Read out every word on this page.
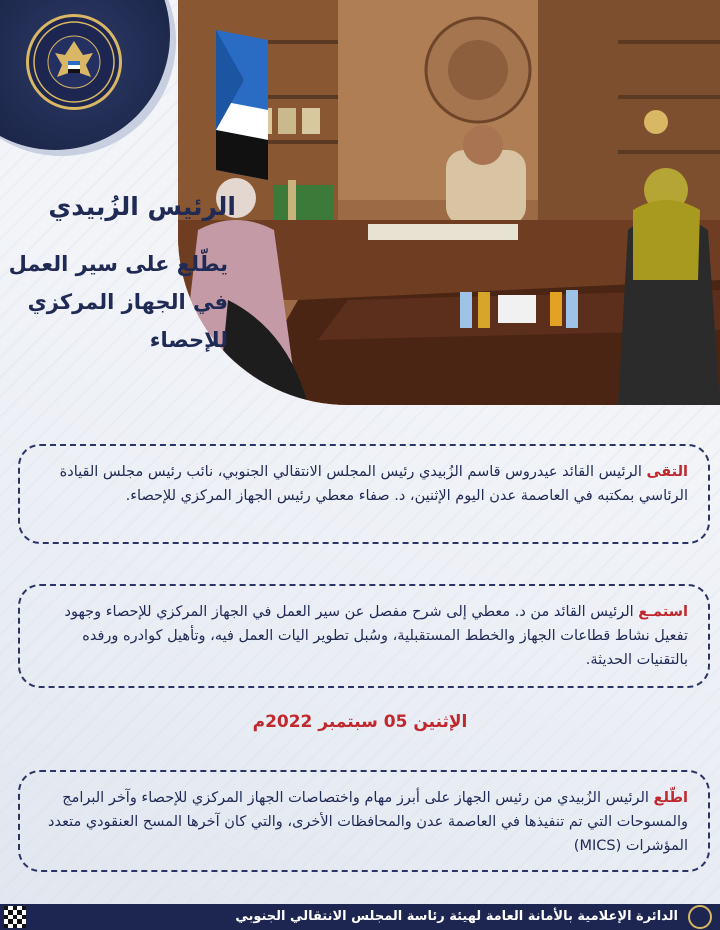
الرئيس الزُبيدي
يطّلع على سير العمل
في الجهاز المركزي
للإحصاء
التقى الرئيس القائد عيدروس قاسم الزُبيدي رئيس المجلس الانتقالي الجنوبي، نائب رئيس مجلس القيادة الرئاسي بمكتبه في العاصمة عدن اليوم الإثنين، د. صفاء معطي رئيس الجهاز المركزي للإحصاء.
استمـع الرئيس القائد من د. معطي إلى شرح مفصل عن سير العمل في الجهاز المركزي للإحصاء وجهود تفعيل نشاط قطاعات الجهاز والخطط المستقبلية، وسُبل تطوير اليات العمل فيه، وتأهيل كوادره ورفده بالتقنيات الحديثة.
الإثنين 05 سبتمبر 2022م
اطّلع الرئيس الزُبيدي من رئيس الجهاز على أبرز مهام واختصاصات الجهاز المركزي للإحصاء وآخر البرامج والمسوحات التي تم تنفيذها في العاصمة عدن والمحافظات الأخرى، والتي كان آخرها المسح العنقودي متعدد المؤشرات (MICS)
الدائرة الإعلامية بالأمانة العامة لهيئة رئاسة المجلس الانتقالي الجنوبي
